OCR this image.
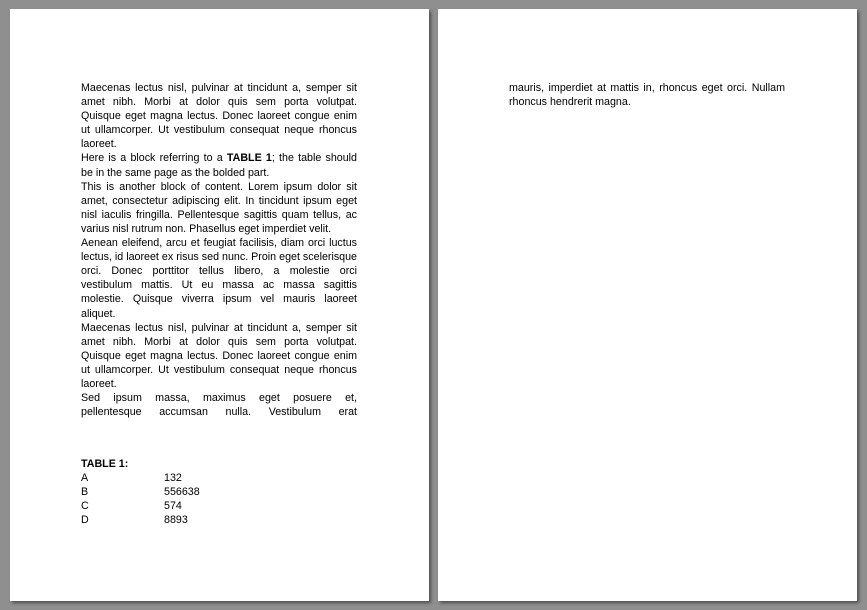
Maecenas lectus nisl, pulvinar at tincidunt a, semper sit amet nibh. Morbi at dolor quis sem porta volutpat. Quisque eget magna lectus. Donec laoreet congue enim ut ullamcorper. Ut vestibulum consequat neque rhoncus laoreet.

Here is a block referring to a TABLE 1; the table should be in the same page as the bolded part.

This is another block of content. Lorem ipsum dolor sit amet, consectetur adipiscing elit. In tincidunt ipsum eget nisl iaculis fringilla. Pellentesque sagittis quam tellus, ac varius nisl rutrum non. Phasellus eget imperdiet velit.

Aenean eleifend, arcu et feugiat facilisis, diam orci luctus lectus, id laoreet ex risus sed nunc. Proin eget scelerisque orci. Donec porttitor tellus libero, a molestie orci vestibulum mattis. Ut eu massa ac massa sagittis molestie. Quisque viverra ipsum vel mauris laoreet aliquet.

Maecenas lectus nisl, pulvinar at tincidunt a, semper sit amet nibh. Morbi at dolor quis sem porta volutpat. Quisque eget magna lectus. Donec laoreet congue enim ut ullamcorper. Ut vestibulum consequat neque rhoncus laoreet.

Sed ipsum massa, maximus eget posuere et, pellentesque accumsan nulla. Vestibulum erat

TABLE 1:

A	132
B	556638
C	574
D	8893

mauris, imperdiet at mattis in, rhoncus eget orci. Nullam rhoncus hendrerit magna.
